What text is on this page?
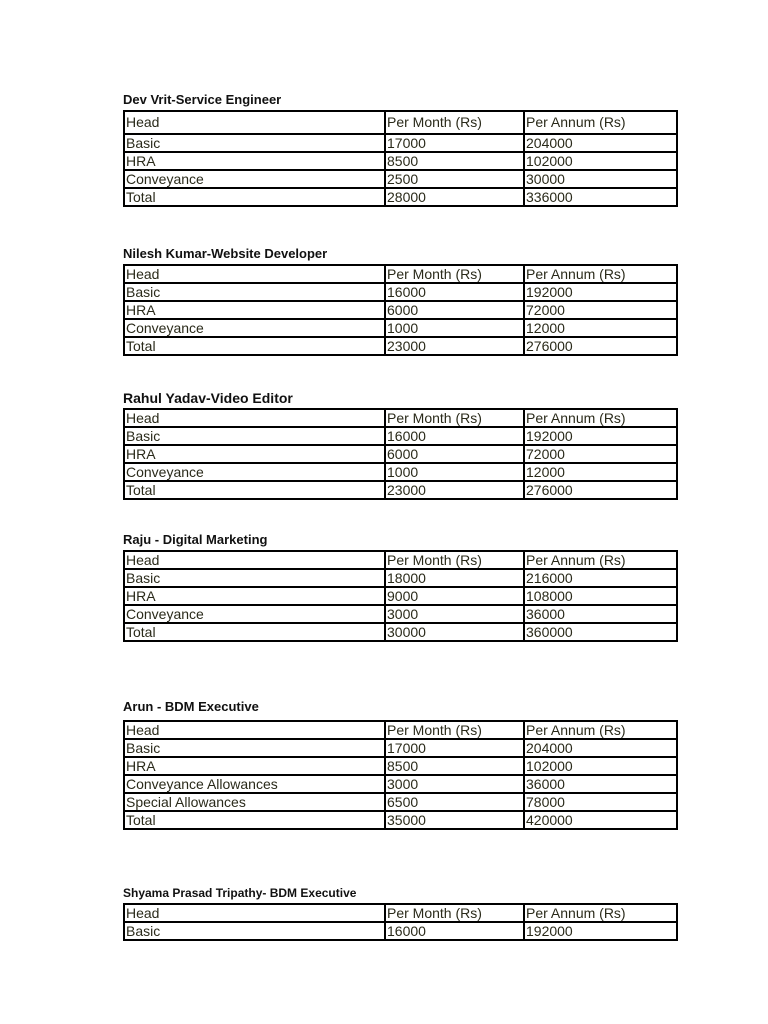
Dev Vrit-Service Engineer
Head	Per Month (Rs)	Per Annum (Rs)
Basic	17000	204000
HRA	8500	102000
Conveyance	2500	30000
Total	28000	336000
Nilesh Kumar-Website Developer
Head	Per Month (Rs)	Per Annum (Rs)
Basic	16000	192000
HRA	6000	72000
Conveyance	1000	12000
Total	23000	276000
Rahul Yadav-Video Editor
Head	Per Month (Rs)	Per Annum (Rs)
Basic	16000	192000
HRA	6000	72000
Conveyance	1000	12000
Total	23000	276000
Raju - Digital Marketing
Head	Per Month (Rs)	Per Annum (Rs)
Basic	18000	216000
HRA	9000	108000
Conveyance	3000	36000
Total	30000	360000
Arun - BDM Executive
Head	Per Month (Rs)	Per Annum (Rs)
Basic	17000	204000
HRA	8500	102000
Conveyance Allowances	3000	36000
Special Allowances	6500	78000
Total	35000	420000
Shyama Prasad Tripathy- BDM Executive
Head	Per Month (Rs)	Per Annum (Rs)
Basic	16000	192000
